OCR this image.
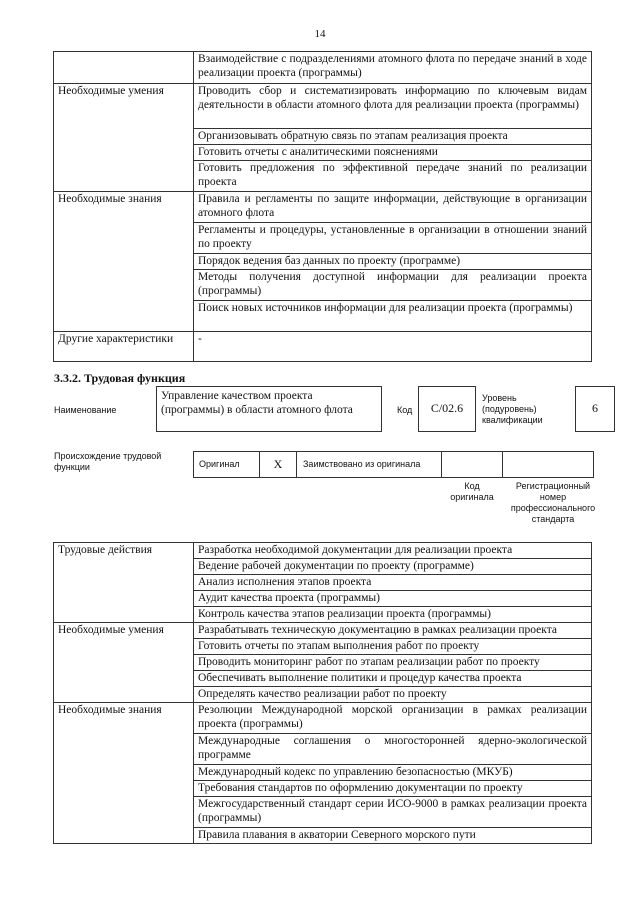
14
	Взаимодействие с подразделениями атомного флота по передаче знаний в ходе реализации проекта (программы)
Необходимые умения	Проводить сбор и систематизировать информацию по ключевым видам деятельности в области атомного флота для реализации проекта (программы)
	Организовывать обратную связь по этапам реализация проекта
	Готовить отчеты с аналитическими пояснениями
	Готовить предложения по эффективной передаче знаний по реализации проекта
Необходимые знания	Правила и регламенты по защите информации, действующие в организации атомного флота
	Регламенты и процедуры, установленные в организации в отношении знаний по проекту
	Порядок ведения баз данных по проекту (программе)
	Методы получения доступной информации для реализации проекта (программы)
	Поиск новых источников информации для реализации проекта (программы)
Другие характеристики	-
3.3.2. Трудовая функция
Наименование
Управление качеством проекта (программы) в области атомного флота	Код	C/02.6
Уровень (подуровень) квалификации
6
Происхождение трудовой функции	Оригинал	X	Заимствовано из оригинала
Код оригинала
Регистрационный номер профессионального стандарта
Трудовые действия	Разработка необходимой документации для реализации проекта
	Ведение рабочей документации по проекту (программе)
	Анализ исполнения этапов проекта
	Аудит качества проекта (программы)
	Контроль качества этапов реализации проекта (программы)
Необходимые умения	Разрабатывать техническую документацию в рамках реализации проекта
	Готовить отчеты по этапам выполнения работ по проекту
	Проводить мониторинг работ по этапам реализации работ по проекту
	Обеспечивать выполнение политики и процедур качества проекта
	Определять качество реализации работ по проекту
Необходимые знания	Резолюции Международной морской организации в рамках реализации проекта (программы)
	Международные соглашения о многосторонней ядерно-экологической программе
	Международный кодекс по управлению безопасностью (МКУБ)
	Требования стандартов по оформлению документации по проекту
	Межгосударственный стандарт серии ИСО-9000 в рамках реализации проекта (программы)
	Правила плавания в акватории Северного морского пути
